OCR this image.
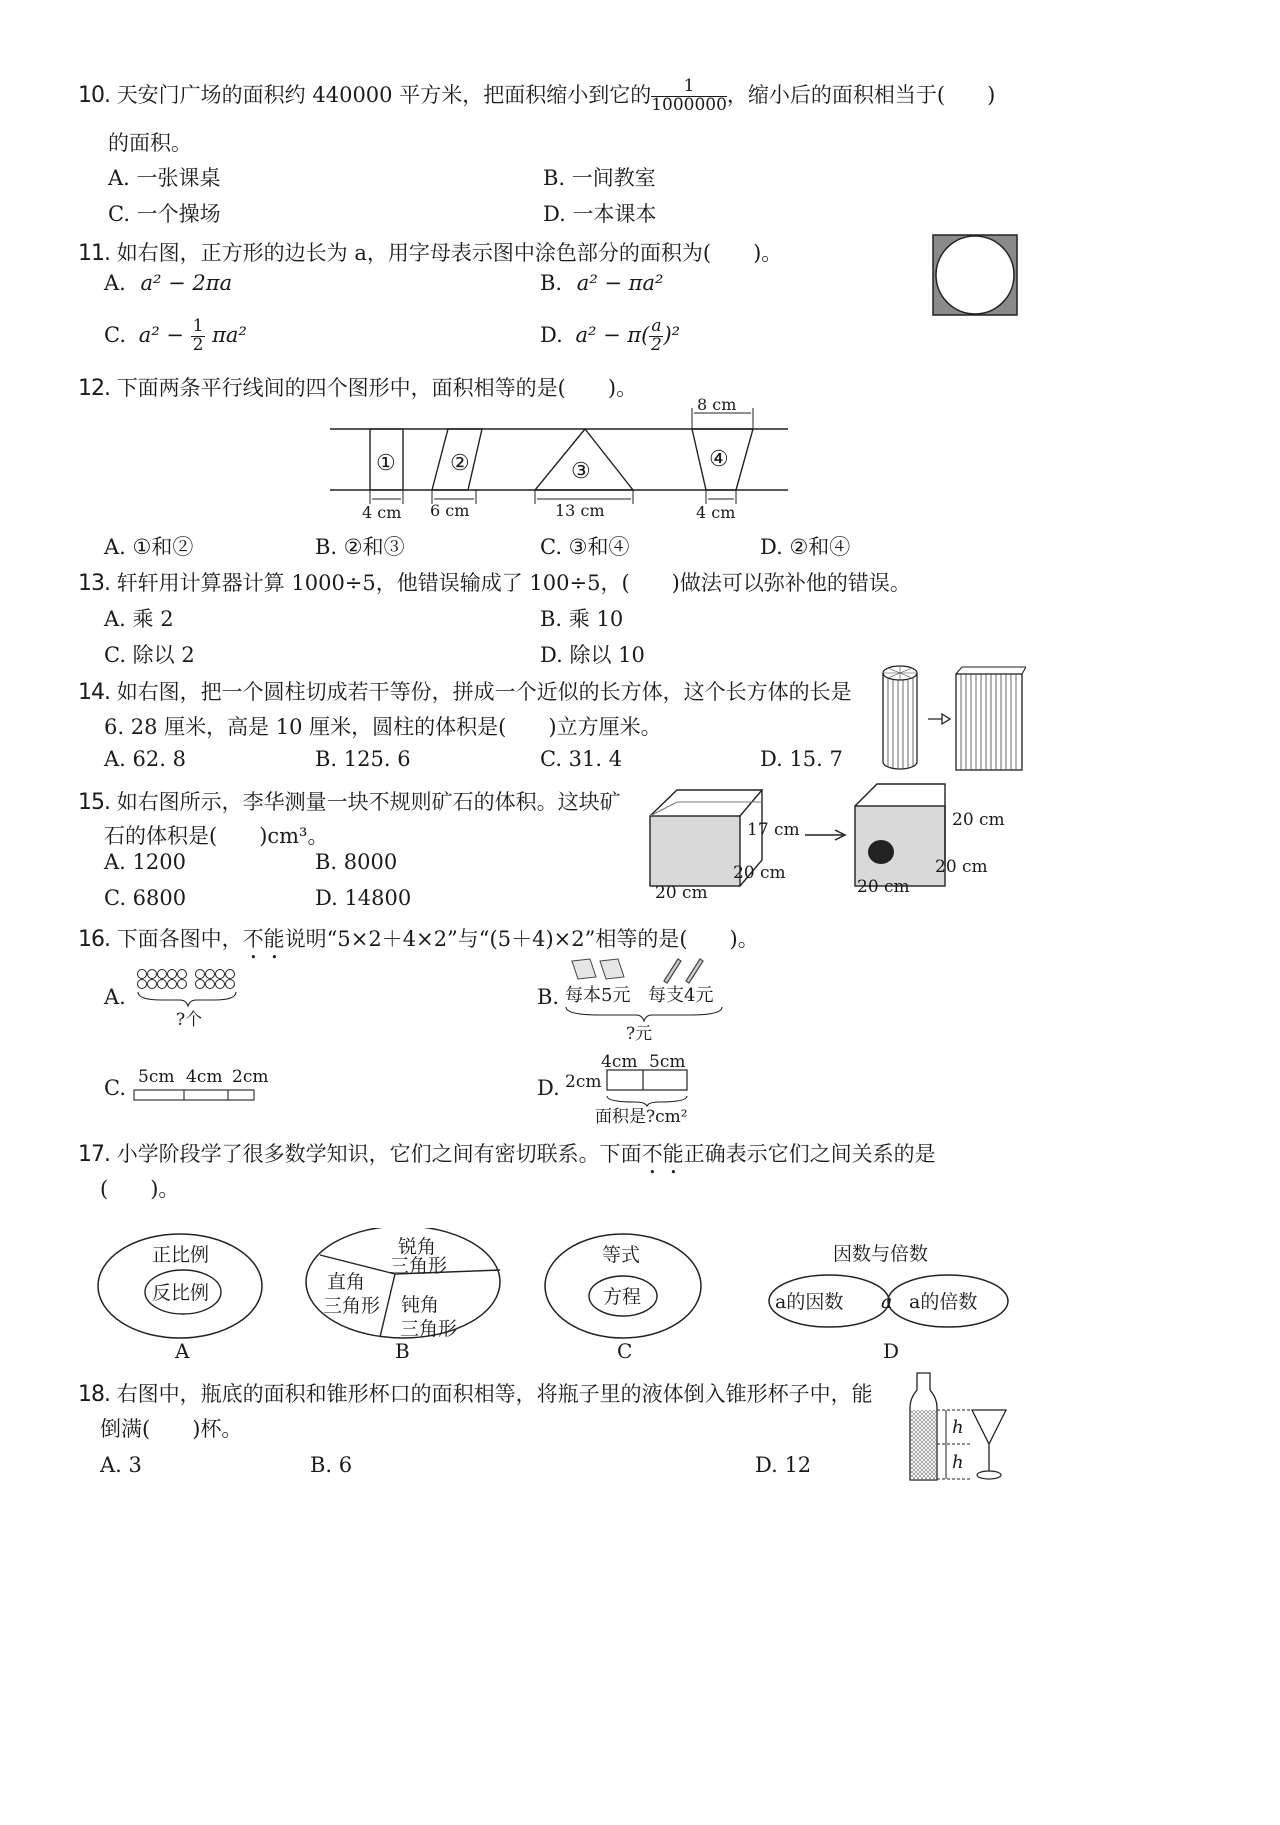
10. 天安门广场的面积约 440000 平方米，把面积缩小到它的 $\frac{1}{1000000}$ ，缩小后的面积相当于(　　)
的面积。
A. 一张课桌	B. 一间教室
C. 一个操场	D. 一本课本
11. 如右图，正方形的边长为 a，用字母表示图中涂色部分的面积为(　　)。
A. a² − 2πa	B. a² − πa²
C. $a^2 - \frac{1}{2} \pi a^2$	D. $a^2 - \pi( \frac{a}{2} )^2$
12. 下面两条平行线间的四个图形中，面积相等的是(　　)。
8 cm
① ②	③	④
4 cm 6 cm	13 cm	4 cm
A. ①和②	B. ②和③	C. ③和④	D. ②和④
13. 轩轩用计算器计算 1000÷5，他错误输成了 100÷5，(　　)做法可以弥补他的错误。
A. 乘 2	B. 乘 10
C. 除以 2	D. 除以 10
14. 如右图，把一个圆柱切成若干等份，拼成一个近似的长方体，这个长方体的长是
6. 28 厘米，高是 10 厘米，圆柱的体积是(　　)立方厘米。
A. 62. 8	B. 125. 6	C. 31. 4	D. 15. 7
15. 如右图所示，李华测量一块不规则矿石的体积。这块矿
石的体积是(　　)cm³。
A. 1200	B. 8000
C. 6800	D. 14800
17 cm
20 cm
20 cm
20 cm
20 cm
20 cm
16. 下面各图中，不能说明“5×2＋4×2”与“(5＋4)×2”相等的是(　　)。
A.
?个
B. 每本5元 每支4元
?元
C. 5cm 4cm 2cm	D.
4cm 5cm
2cm
面积是?cm²
17. 小学阶段学了很多数学知识，它们之间有密切联系。下面不能正确表示它们之间关系的是
(　　)。
正比例
反比例
A
锐角
三角形
直角
三角形 钝角
三角形
B
等式
方程
C
因数与倍数
a的因数 a a的倍数
D
18. 右图中，瓶底的面积和锥形杯口的面积相等，将瓶子里的液体倒入锥形杯子中，能
倒满(　　)杯。
A. 3	B. 6	D. 12
h
h
